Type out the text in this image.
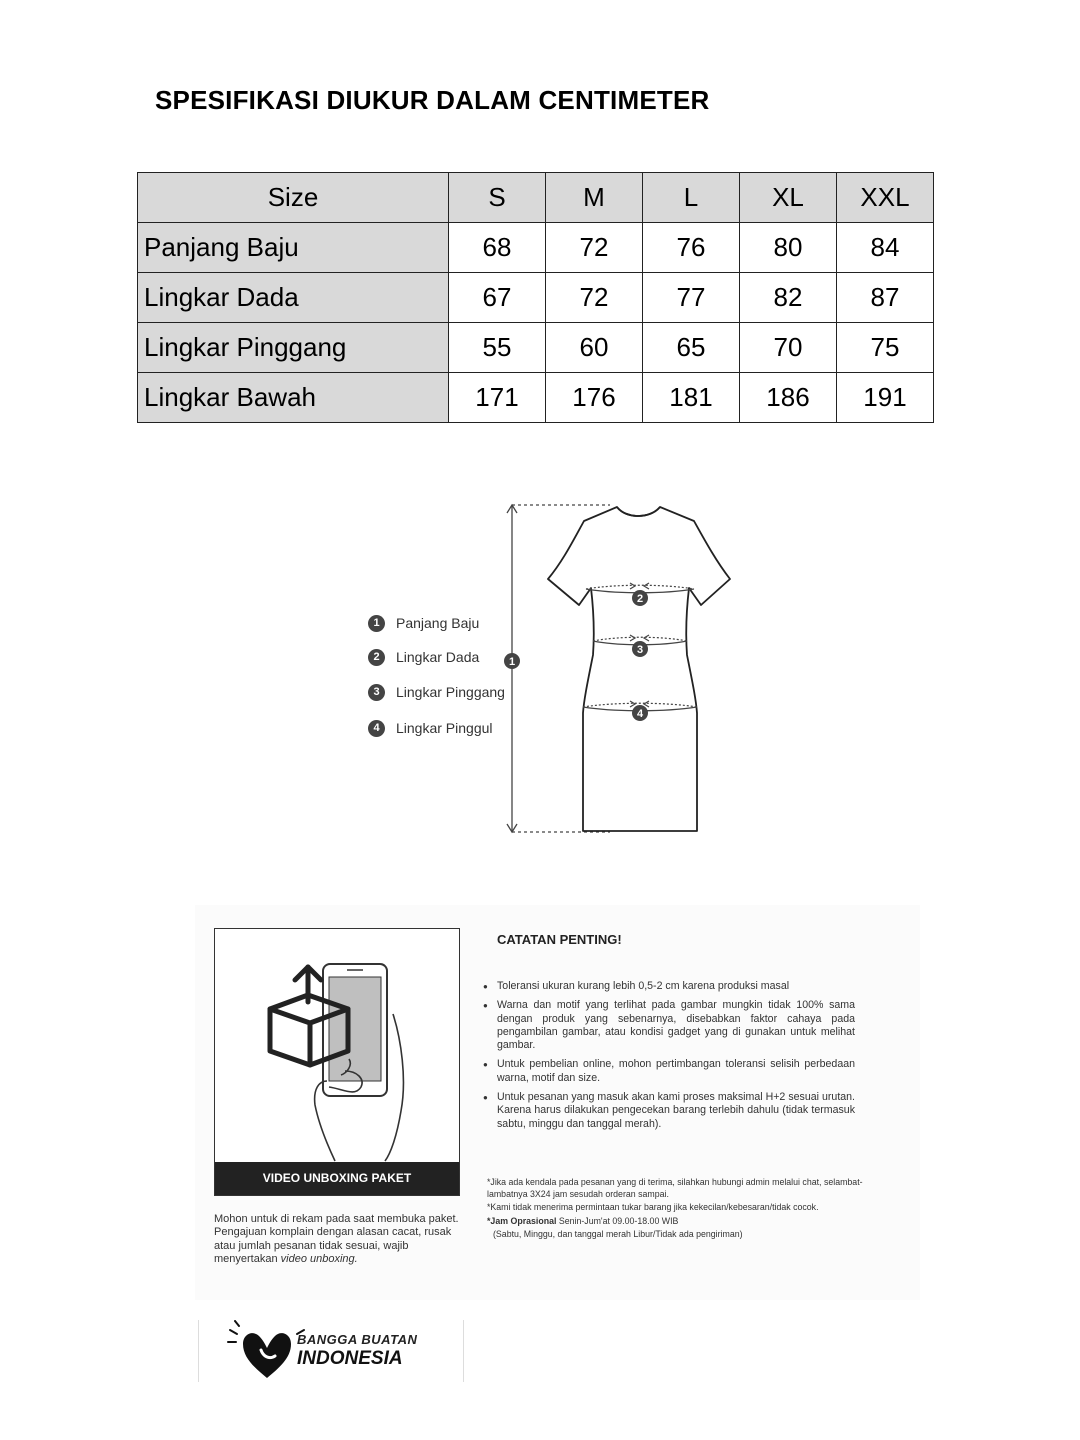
SPESIFIKASI DIUKUR DALAM CENTIMETER
Size	S	M	L	XL	XXL
Panjang Baju	68	72	76	80	84
Lingkar Dada	67	72	77	82	87
Lingkar Pinggang	55	60	65	70	75
Lingkar Bawah	171	176	181	186	191
1	Panjang Baju
2	Lingkar Dada
3	Lingkar Pinggang
4	Lingkar Pinggul
1
2
3
4
VIDEO UNBOXING PAKET
Mohon untuk di rekam pada saat membuka paket. Pengajuan komplain dengan alasan cacat, rusak atau jumlah pesanan tidak sesuai, wajib menyertakan video unboxing.
CATATAN PENTING!
● Toleransi ukuran kurang lebih 0,5-2 cm karena produksi masal
● Warna dan motif yang terlihat pada gambar mungkin tidak 100% sama dengan produk yang sebenarnya, disebabkan faktor cahaya pada pengambilan gambar, atau kondisi gadget yang di gunakan untuk melihat gambar.
● Untuk pembelian online, mohon pertimbangan toleransi selisih perbedaan warna, motif dan size.
● Untuk pesanan yang masuk akan kami proses maksimal H+2 sesuai urutan. Karena harus dilakukan pengecekan barang terlebih dahulu (tidak termasuk sabtu, minggu dan tanggal merah).

*Jika ada kendala pada pesanan yang di terima, silahkan hubungi admin melalui chat, selambat-lambatnya 3X24 jam sesudah orderan sampai.

*Kami tidak menerima permintaan tukar barang jika kekecilan/kebesaran/tidak cocok.

*Jam Oprasional Senin-Jum'at 09.00-18.00 WIB

(Sabtu, Minggu, dan tanggal merah Libur/Tidak ada pengiriman)

BANGGA BUATAN
INDONESIA
